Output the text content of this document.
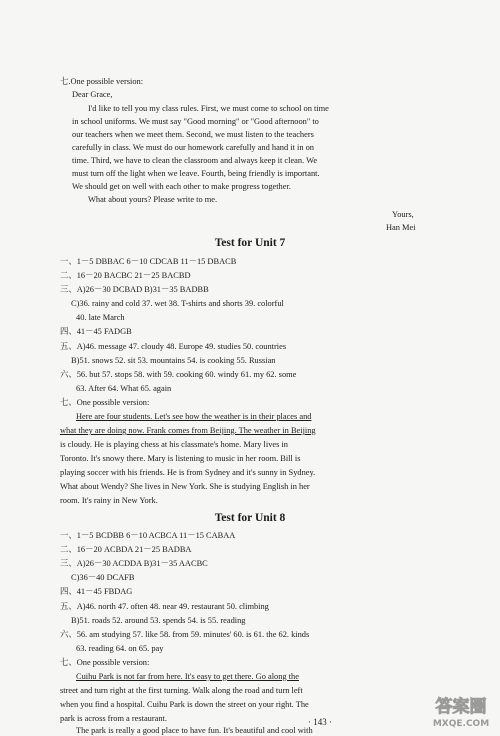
七.One possible version:
Dear Grace,
I'd like to tell you my class rules. First, we must come to school on time
in school uniforms. We must say "Good morning" or "Good afternoon" to
our teachers when we meet them. Second, we must listen to the teachers
carefully in class. We must do our homework carefully and hand it in on
time. Third, we have to clean the classroom and always keep it clean. We
must turn off the light when we leave. Fourth, being friendly is important.
We should get on well with each other to make progress together.
What about yours? Please write to me.
Yours,
Han Mei
Test for Unit 7
一、1－5 DBBAC 6－10 CDCAB 11－15 DBACB
二、16－20 BACBC 21－25 BACBD
三、A)26－30 DCBAD B)31－35 BADBB
C)36. rainy and cold 37. wet 38. T-shirts and shorts 39. colorful
40. late March
四、41－45 FADGB
五、A)46. message 47. cloudy 48. Europe 49. studies 50. countries
B)51. snows 52. sit 53. mountains 54. is cooking 55. Russian
六、56. but 57. stops 58. with 59. cooking 60. windy 61. my 62. some
63. After 64. What 65. again
七、One possible version:
Here are four students. Let's see how the weather is in their places and
what they are doing now. Frank comes from Beijing. The weather in Beijing
is cloudy. He is playing chess at his classmate's home. Mary lives in
Toronto. It's snowy there. Mary is listening to music in her room. Bill is
playing soccer with his friends. He is from Sydney and it's sunny in Sydney.
What about Wendy? She lives in New York. She is studying English in her
room. It's rainy in New York.
Test for Unit 8
一、1－5 BCDBB 6－10 ACBCA 11－15 CABAA
二、16－20 ACBDA 21－25 BADBA
三、A)26－30 ACDDA B)31－35 AACBC
C)36－40 DCAFB
四、41－45 FBDAG
五、A)46. north 47. often 48. near 49. restaurant 50. climbing
B)51. roads 52. around 53. spends 54. is 55. reading
六、56. am studying 57. like 58. from 59. minutes' 60. is 61. the 62. kinds
63. reading 64. on 65. pay
七、One possible version:
Cuihu Park is not far from here. It's easy to get there. Go along the
street and turn right at the first turning. Walk along the road and turn left
when you find a hospital. Cuihu Park is down the street on your right. The
park is across from a restaurant.
The park is really a good place to have fun. It's beautiful and cool with
· 143 ·
答案圈
MXQE.COM
